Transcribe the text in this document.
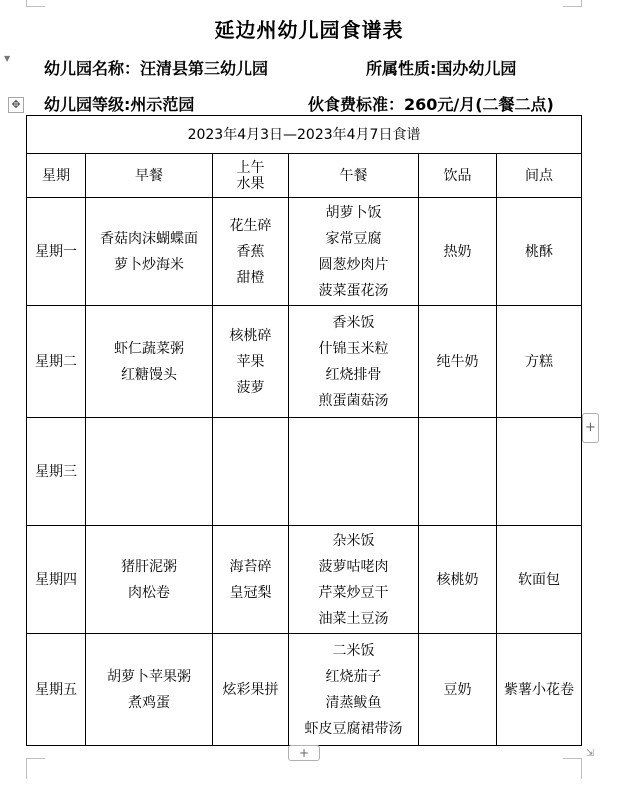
▼
延边州幼儿园食谱表
幼儿园名称：汪清县第三幼儿园	所属性质:国办幼儿园
幼儿园等级:州示范园	伙食费标准：260元/月(二餐二点)
✥
2023年4月3日—2023年4月7日食谱					
星期	早餐	上午
水果	午餐	饮品	间点
星期一	香菇肉沫蝴蝶面
萝卜炒海米	花生碎
香蕉
甜橙	胡萝卜饭
家常豆腐
圆葱炒肉片
菠菜蛋花汤	热奶	桃酥
星期二	虾仁蔬菜粥
红糖馒头	核桃碎
苹果
菠萝	香米饭
什锦玉米粒
红烧排骨
煎蛋菌菇汤	纯牛奶	方糕
星期三					
星期四	猪肝泥粥
肉松卷	海苔碎
皇冠梨	杂米饭
菠萝咕咾肉
芹菜炒豆干
油菜土豆汤	核桃奶	软面包
星期五	胡萝卜苹果粥
煮鸡蛋	炫彩果拼	二米饭
红烧茄子
清蒸鲅鱼
虾皮豆腐裙带汤	豆奶	紫薯小花卷
+
+	⇲
